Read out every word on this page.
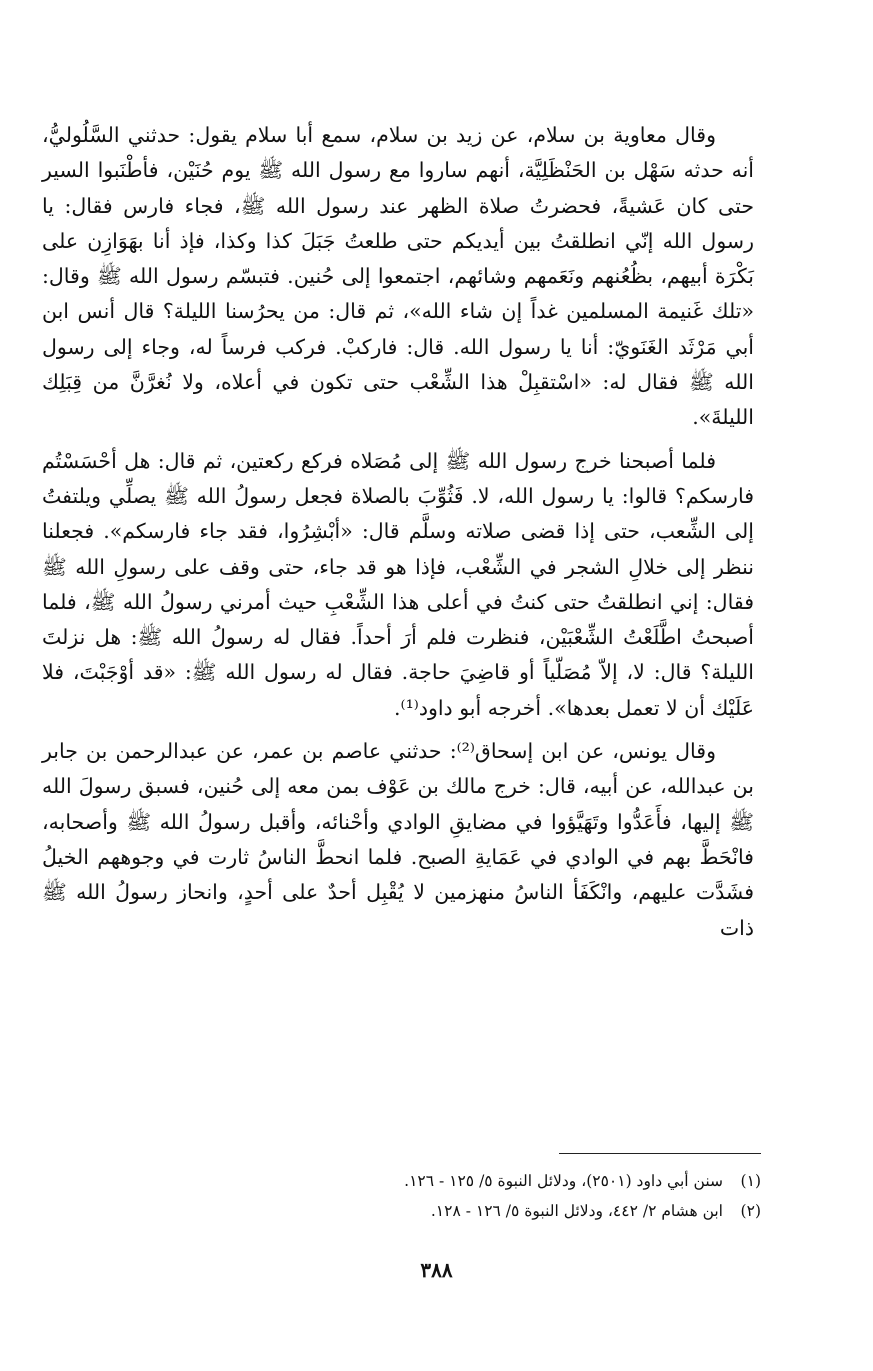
وقال معاوية بن سلام، عن زيد بن سلام، سمع أبا سلام يقول: حدثني السَّلُوليُّ، أنه حدثه سَهْل بن الحَنْظَلِيَّة، أنهم ساروا مع رسول الله ﷺ يوم حُنَيْن، فأطْنَبوا السير حتى كان عَشيةً، فحضرتُ صلاة الظهر عند رسول الله ﷺ، فجاء فارس فقال: يا رسول الله إنّي انطلقتُ بين أيديكم حتى طلعتُ جَبَلَ كذا وكذا، فإذ أنا بهَوَازِن على بَكْرَة أبيهم، بظُعُنهم ونَعَمهم وشائهم، اجتمعوا إلى حُنين. فتبسّم رسول الله ﷺ وقال: «تلك غَنيمة المسلمين غداً إن شاء الله»، ثم قال: من يحرُسنا الليلة؟ قال أنس ابن أبي مَرْثَد الغَنَويّ: أنا يا رسول الله. قال: فاركبْ. فركب فرساً له، وجاء إلى رسول الله ﷺ فقال له: «اسْتقبِلْ هذا الشِّعْب حتى تكون في أعلاه، ولا نُغرَّنَّ من قِبَلِك الليلةَ».

فلما أصبحنا خرج رسول الله ﷺ إلى مُصَلاه فركع ركعتين، ثم قال: هل أحْسَسْتُم فارسكم؟ قالوا: يا رسول الله، لا. فَثُوِّبَ بالصلاة فجعل رسولُ الله ﷺ يصلِّي ويلتفتُ إلى الشِّعب، حتى إذا قضى صلاته وسلَّم قال: «أبْشِرُوا، فقد جاء فارسكم». فجعلنا ننظر إلى خلالِ الشجر في الشِّعْب، فإذا هو قد جاء، حتى وقف على رسولِ الله ﷺ فقال: إني انطلقتُ حتى كنتُ في أعلى هذا الشِّعْبِ حيث أمرني رسولُ الله ﷺ، فلما أصبحتُ اطَّلَعْتُ الشِّعْبَيْن، فنظرت فلم أرَ أحداً. فقال له رسولُ الله ﷺ: هل نزلتَ الليلة؟ قال: لا، إلاّ مُصَلّياً أو قاضِيَ حاجة. فقال له رسول الله ﷺ: «قد أوْجَبْتَ، فلا عَلَيْك أن لا تعمل بعدها». أخرجه أبو داود⁽¹⁾.

وقال يونس، عن ابن إسحاق⁽²⁾: حدثني عاصم بن عمر، عن عبدالرحمن بن جابر بن عبدالله، عن أبيه، قال: خرج مالك بن عَوْف بمن معه إلى حُنين، فسبق رسولَ الله ﷺ إليها، فأَعَدُّوا وتَهَيَّؤوا في مضايقِ الوادي وأحْنائه، وأقبل رسولُ الله ﷺ وأصحابه، فانْحَطَّ بهم في الوادي في عَمَايةِ الصبح. فلما انحطَّ الناسُ ثارت في وجوههم الخيلُ فشَدَّت عليهم، وانْكَفَأ الناسُ منهزمين لا يُقْبِل أحدٌ على أحدٍ، وانحاز رسولُ الله ﷺ ذات

(١)
سنن أبي داود (٢٥٠١)، ودلائل النبوة ٥/ ١٢٥ - ١٢٦.
(٢)
ابن هشام ٢/ ٤٤٢، ودلائل النبوة ٥/ ١٢٦ - ١٢٨.
٣٨٨
